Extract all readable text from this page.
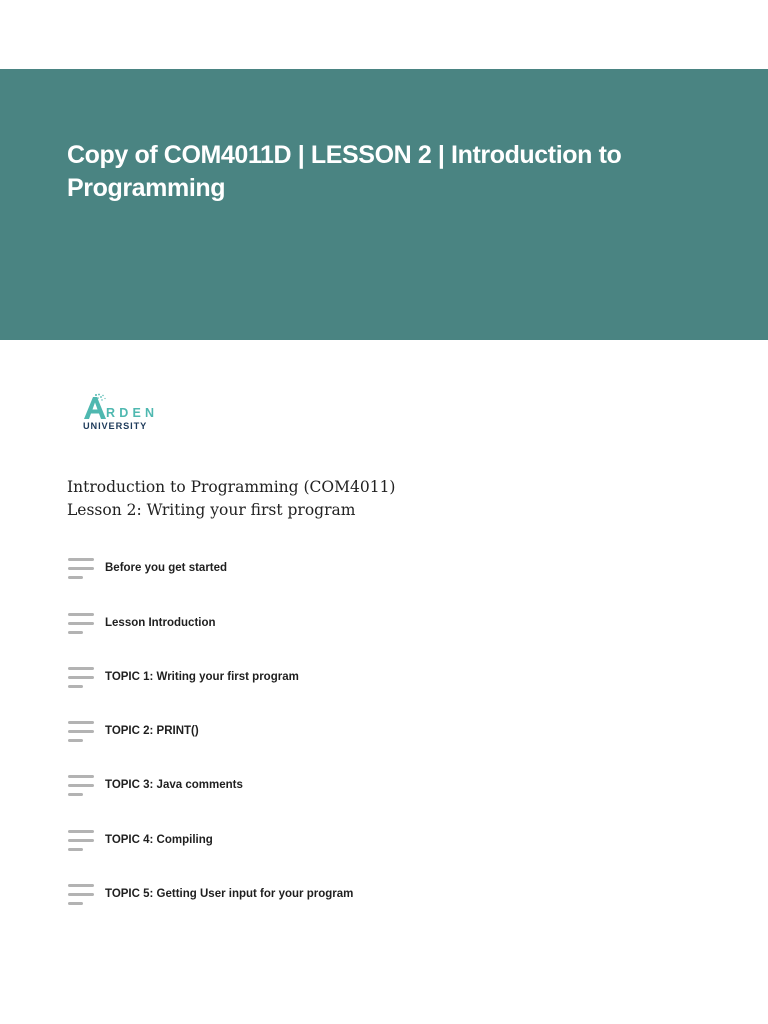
Copy of COM4011D | LESSON 2 | Introduction to Programming
RDEN
UNIVERSITY

Introduction to Programming (COM4011)

Lesson 2: Writing your first program

Before you get started
Lesson Introduction
TOPIC 1: Writing your first program
TOPIC 2: PRINT()
TOPIC 3: Java comments
TOPIC 4: Compiling
TOPIC 5: Getting User input for your program
